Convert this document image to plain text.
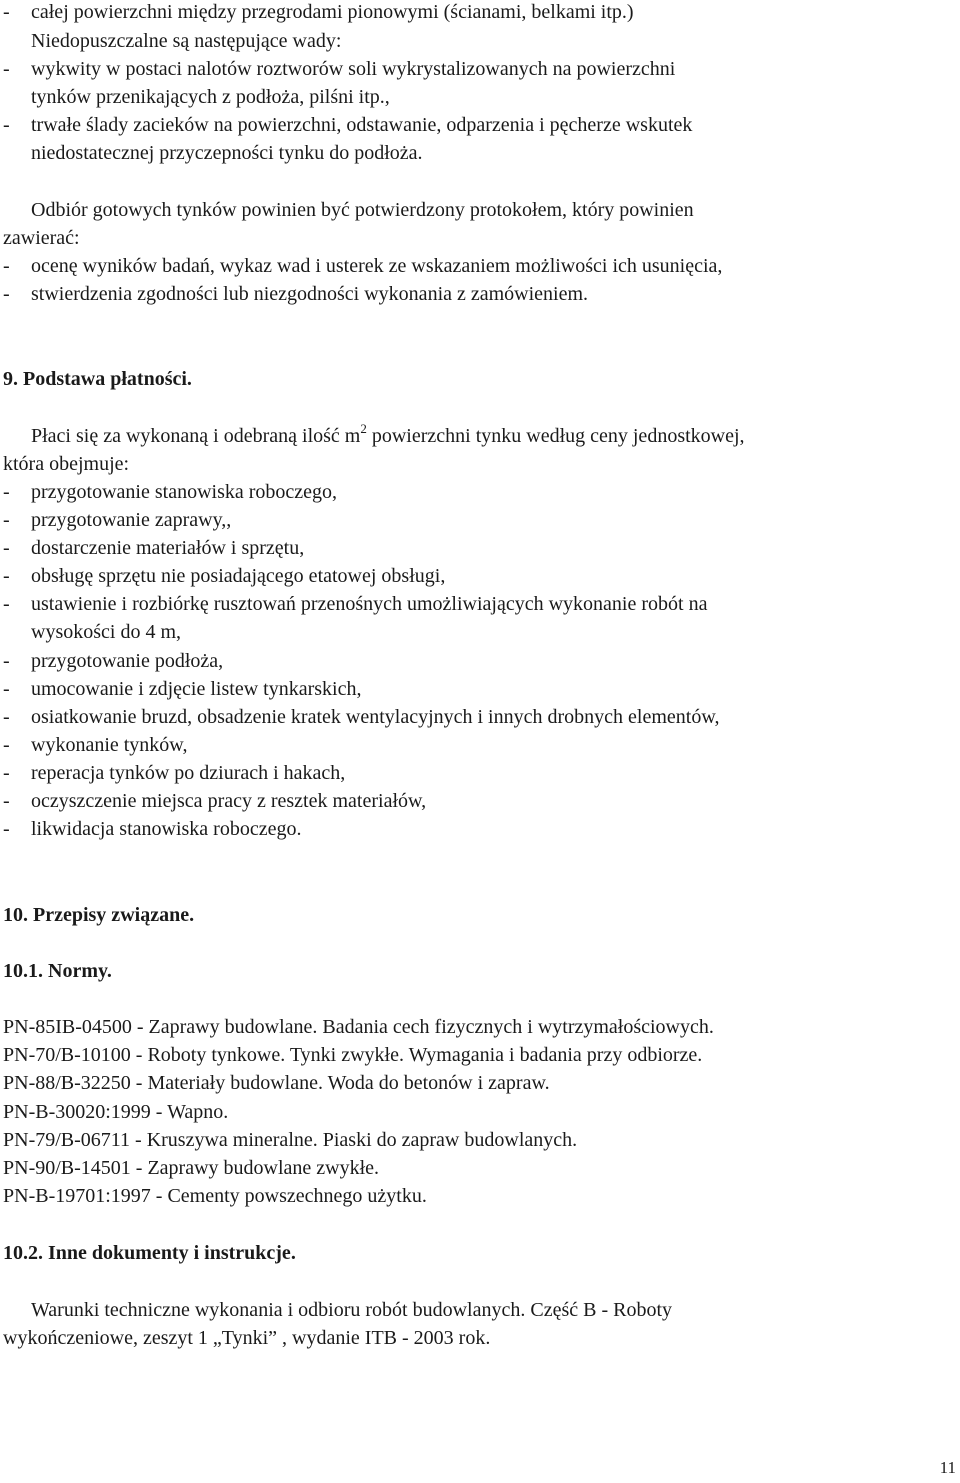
- całej powierzchni między przegrodami pionowymi (ścianami, belkami itp.)
Niedopuszczalne są następujące wady:
- wykwity w postaci nalotów roztworów soli wykrystalizowanych na powierzchni
tynków przenikających z podłoża, pilśni itp.,
- trwałe ślady zacieków na powierzchni, odstawanie, odparzenia i pęcherze wskutek
niedostatecznej przyczepności tynku do podłoża.
Odbiór gotowych tynków powinien być potwierdzony protokołem, który powinien
zawierać:
- ocenę wyników badań, wykaz wad i usterek ze wskazaniem możliwości ich usunięcia,
- stwierdzenia zgodności lub niezgodności wykonania z zamówieniem.
9. Podstawa płatności.
Płaci się za wykonaną i odebraną ilość $m^2$ powierzchni tynku według ceny jednostkowej,
która obejmuje:
- przygotowanie stanowiska roboczego,
- przygotowanie zaprawy,,
- dostarczenie materiałów i sprzętu,
- obsługę sprzętu nie posiadającego etatowej obsługi,
- ustawienie i rozbiórkę rusztowań przenośnych umożliwiających wykonanie robót na
wysokości do 4 m,
- przygotowanie podłoża,
- umocowanie i zdjęcie listew tynkarskich,
- osiatkowanie bruzd, obsadzenie kratek wentylacyjnych i innych drobnych elementów,
- wykonanie tynków,
- reperacja tynków po dziurach i hakach,
- oczyszczenie miejsca pracy z resztek materiałów,
- likwidacja stanowiska roboczego.
10. Przepisy związane.
10.1. Normy.
PN-85IB-04500 - Zaprawy budowlane. Badania cech fizycznych i wytrzymałościowych.
PN-70/B-10100 - Roboty tynkowe. Tynki zwykłe. Wymagania i badania przy odbiorze.
PN-88/B-32250 - Materiały budowlane. Woda do betonów i zapraw.
PN-B-30020:1999 - Wapno.
PN-79/B-06711 - Kruszywa mineralne. Piaski do zapraw budowlanych.
PN-90/B-14501 - Zaprawy budowlane zwykłe.
PN-B-19701:1997 - Cementy powszechnego użytku.
10.2. Inne dokumenty i instrukcje.
Warunki techniczne wykonania i odbioru robót budowlanych. Część B - Roboty
wykończeniowe, zeszyt 1 „Tynki” , wydanie ITB - 2003 rok.
11
